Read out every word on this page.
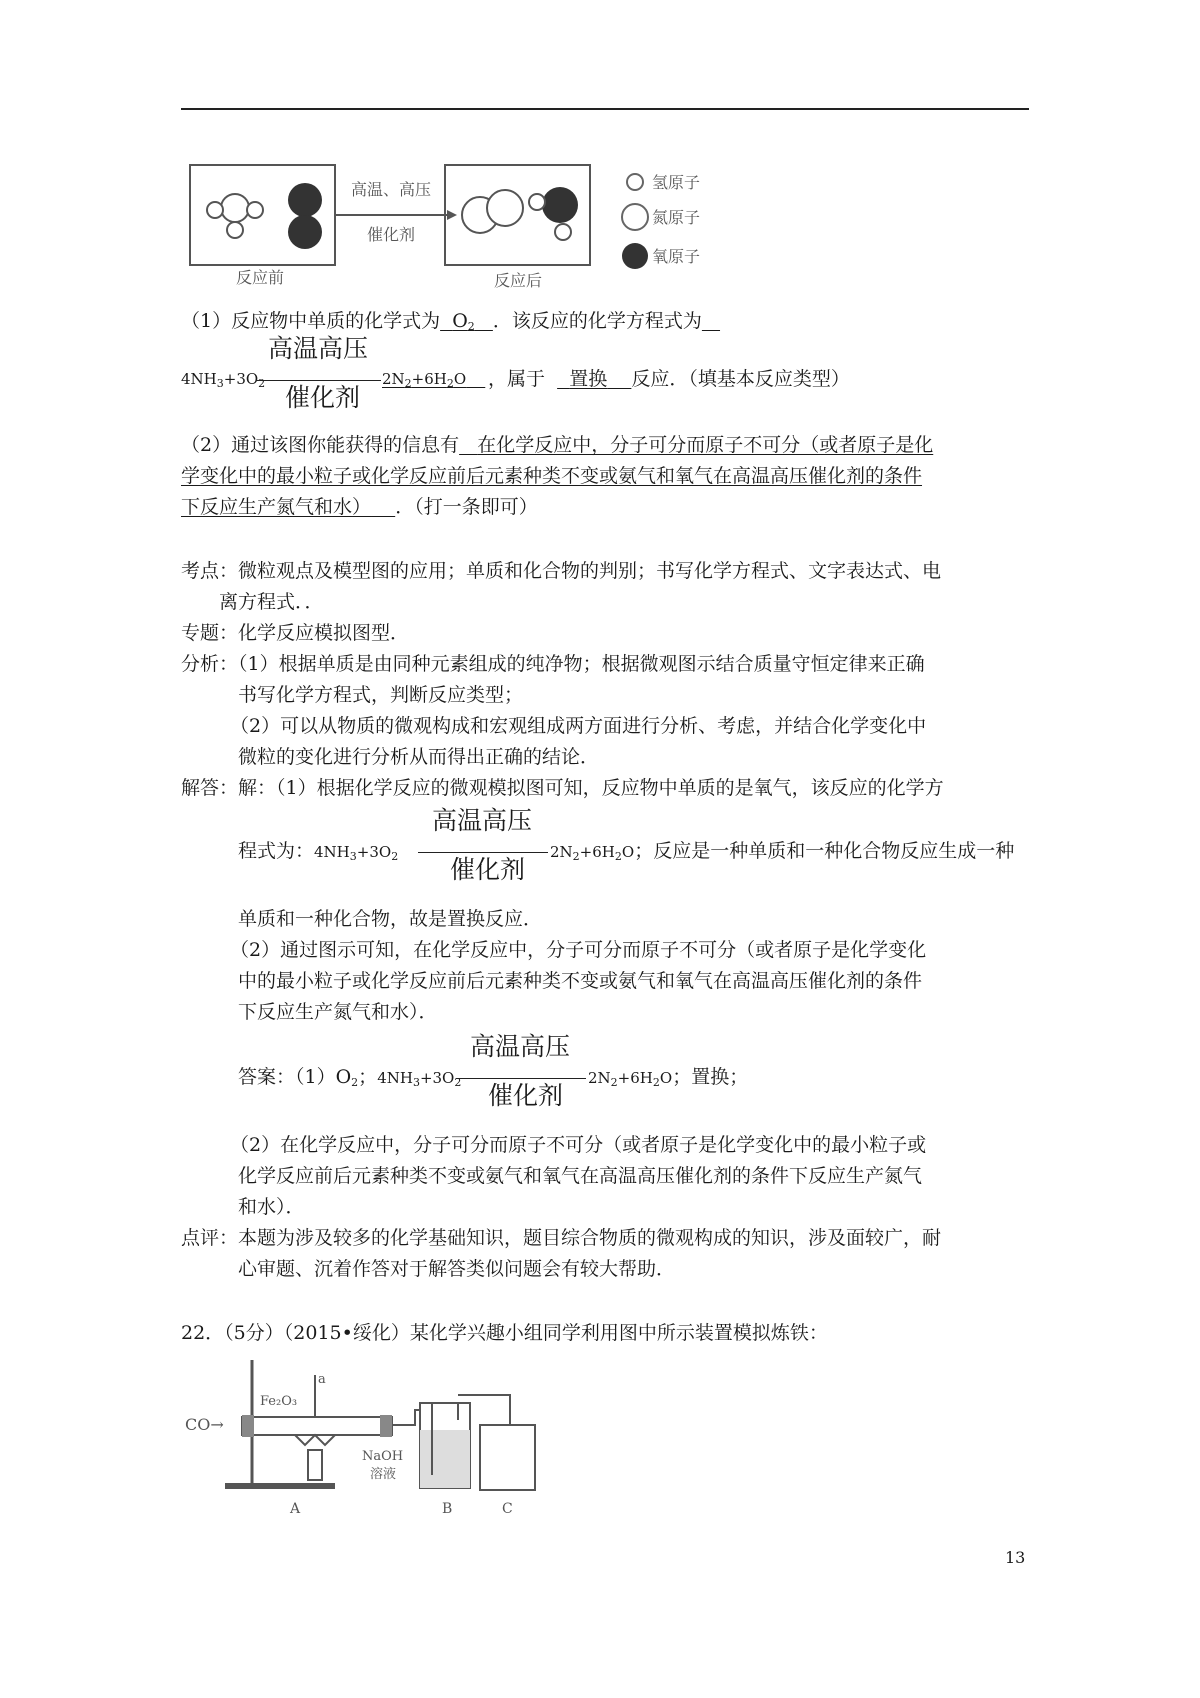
高温、高压
催化剂
反应前	反应后
氢原子
氮原子
氧原子
（1）反应物中单质的化学式为 $O_2$ ．该反应的化学方程式为
$4NH_3+3O_2$
高温高压
催化剂
$2N_2+6H_2O$	，属于 置换 反应．（填基本反应类型）
（2）通过该图你能获得的信息有 在化学反应中，分子可分而原子不可分（或者原子是化
学变化中的最小粒子或化学反应前后元素种类不变或氨气和氧气在高温高压催化剂的条件
下反应生产氮气和水） ．（打一条即可）
考点：微粒观点及模型图的应用；单质和化合物的判别；书写化学方程式、文字表达式、电
离方程式．．
专题：化学反应模拟图型．
分析：（1）根据单质是由同种元素组成的纯净物；根据微观图示结合质量守恒定律来正确
书写化学方程式，判断反应类型；
（2）可以从物质的微观构成和宏观组成两方面进行分析、考虑，并结合化学变化中
微粒的变化进行分析从而得出正确的结论．
解答：解：（1）根据化学反应的微观模拟图可知，反应物中单质的是氧气，该反应的化学方
程式为：$4NH_3+3O_2$
高温高压
催化剂
$2N_2+6H_2O$；反应是一种单质和一种化合物反应生成一种
单质和一种化合物，故是置换反应．
（2）通过图示可知，在化学反应中，分子可分而原子不可分（或者原子是化学变化
中的最小粒子或化学反应前后元素种类不变或氨气和氧气在高温高压催化剂的条件
下反应生产氮气和水）．
答案：$(1)O_2$；$4NH_3+3O_2$
高温高压
催化剂
$2N_2+6H_2O$；置换；
（2）在化学反应中，分子可分而原子不可分（或者原子是化学变化中的最小粒子或
化学反应前后元素种类不变或氨气和氧气在高温高压催化剂的条件下反应生产氮气
和水）．
点评：本题为涉及较多的化学基础知识，题目综合物质的微观构成的知识，涉及面较广，耐
心审题、沉着作答对于解答类似问题会有较大帮助．
22．（5分）（2015•绥化）某化学兴趣小组同学利用图中所示装置模拟炼铁：
CO→
a
Fe₂O₃
NaOH
溶液
A	B	C
13
